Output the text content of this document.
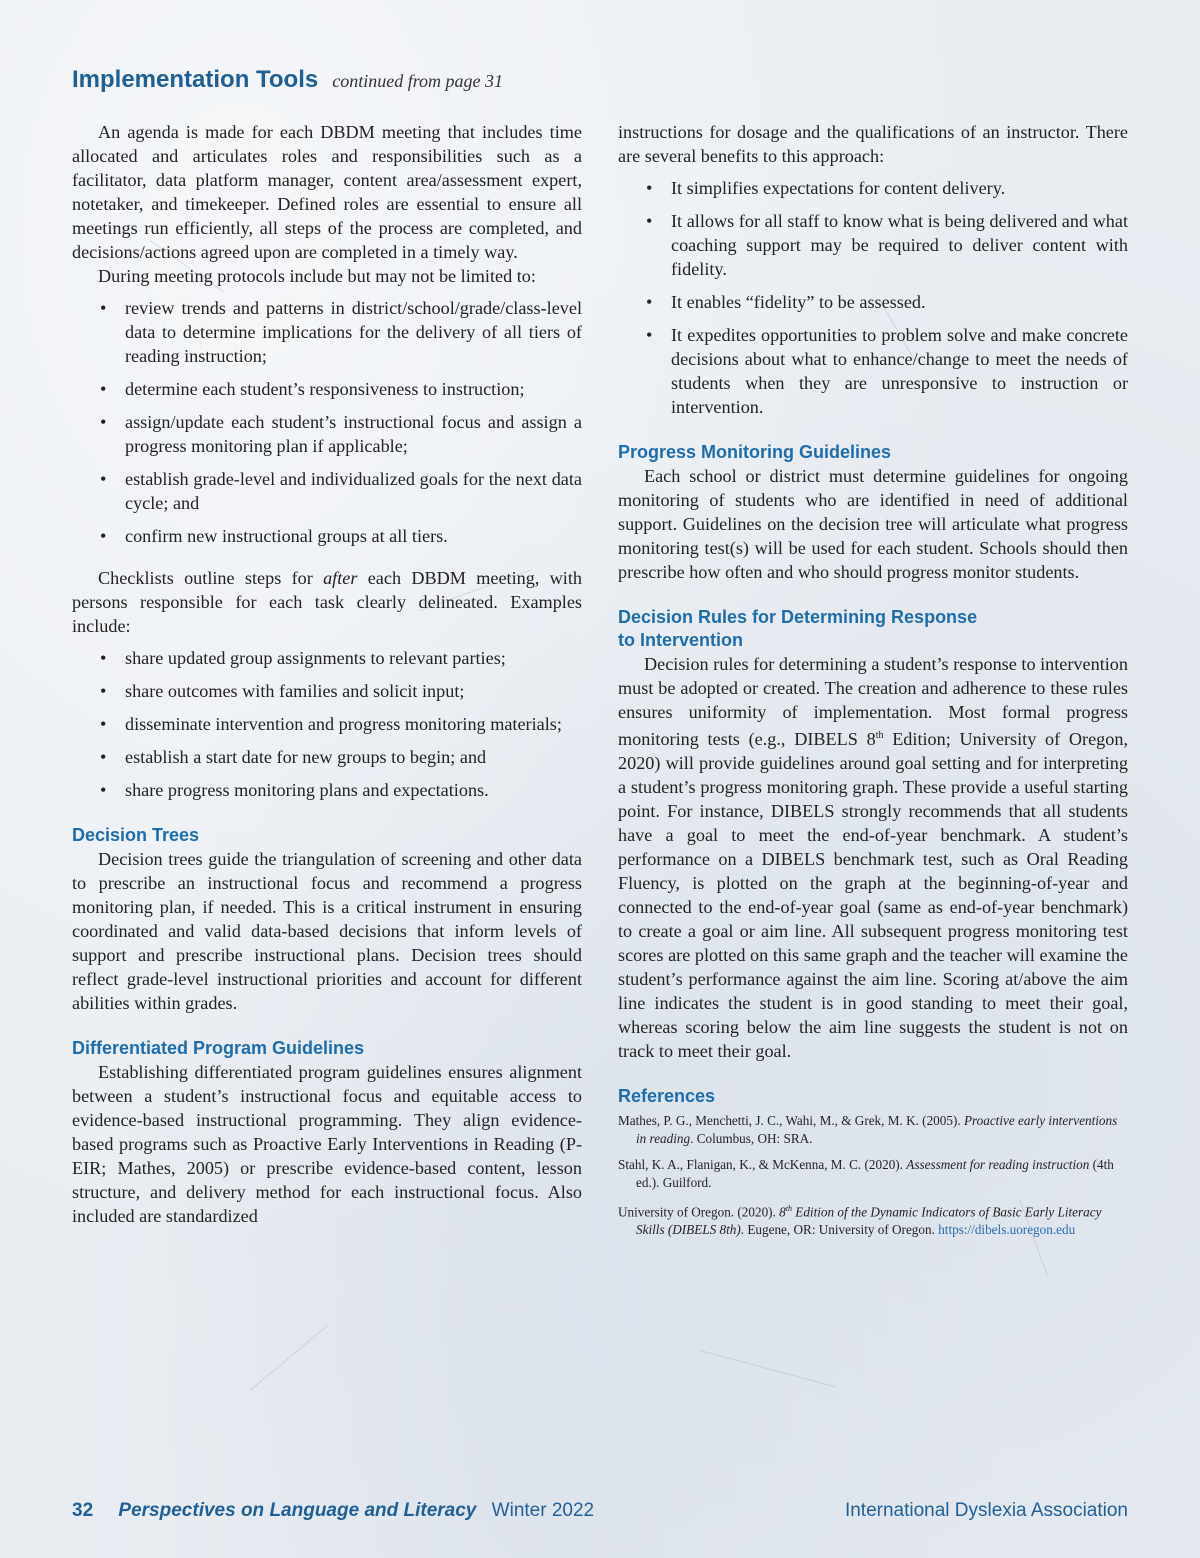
Implementation Tools continued from page 31

An agenda is made for each DBDM meeting that includes time allocated and articulates roles and responsibilities such as a facilitator, data platform manager, content area/assessment expert, notetaker, and timekeeper. Defined roles are essential to ensure all meetings run efficiently, all steps of the process are completed, and decisions/actions agreed upon are completed in a timely way.

During meeting protocols include but may not be limited to:

• review trends and patterns in district/school/grade/class-level data to determine implications for the delivery of all tiers of reading instruction;
• determine each student’s responsiveness to instruction;
• assign/update each student’s instructional focus and assign a progress monitoring plan if applicable;
• establish grade-level and individualized goals for the next data cycle; and
• confirm new instructional groups at all tiers.

Checklists outline steps for after each DBDM meeting, with persons responsible for each task clearly delineated. Examples include:

• share updated group assignments to relevant parties;
• share outcomes with families and solicit input;
• disseminate intervention and progress monitoring materials;
• establish a start date for new groups to begin; and
• share progress monitoring plans and expectations.
Decision Trees

Decision trees guide the triangulation of screening and other data to prescribe an instructional focus and recommend a progress monitoring plan, if needed. This is a critical instrument in ensuring coordinated and valid data-based decisions that inform levels of support and prescribe instructional plans. Decision trees should reflect grade-level instructional priorities and account for different abilities within grades.

Differentiated Program Guidelines

Establishing differentiated program guidelines ensures alignment between a student’s instructional focus and equitable access to evidence-based instructional programming. They align evidence-based programs such as Proactive Early Interventions in Reading (P-EIR; Mathes, 2005) or prescribe evidence-based content, lesson structure, and delivery method for each instructional focus. Also included are standardized

instructions for dosage and the qualifications of an instructor. There are several benefits to this approach:

• It simplifies expectations for content delivery.
• It allows for all staff to know what is being delivered and what coaching support may be required to deliver content with fidelity.
• It enables “fidelity” to be assessed.
• It expedites opportunities to problem solve and make concrete decisions about what to enhance/change to meet the needs of students when they are unresponsive to instruction or intervention.
Progress Monitoring Guidelines

Each school or district must determine guidelines for ongoing monitoring of students who are identified in need of additional support. Guidelines on the decision tree will articulate what progress monitoring test(s) will be used for each student. Schools should then prescribe how often and who should progress monitor students.

Decision Rules for Determining Response
to Intervention

Decision rules for determining a student’s response to intervention must be adopted or created. The creation and adherence to these rules ensures uniformity of implementation. Most formal progress monitoring tests (e.g., DIBELS 8th Edition; University of Oregon, 2020) will provide guidelines around goal setting and for interpreting a student’s progress monitoring graph. These provide a useful starting point. For instance, DIBELS strongly recommends that all students have a goal to meet the end-of-year benchmark. A student’s performance on a DIBELS benchmark test, such as Oral Reading Fluency, is plotted on the graph at the beginning-of-year and connected to the end-of-year goal (same as end-of-year benchmark) to create a goal or aim line. All subsequent progress monitoring test scores are plotted on this same graph and the teacher will examine the student’s performance against the aim line. Scoring at/above the aim line indicates the student is in good standing to meet their goal, whereas scoring below the aim line suggests the student is not on track to meet their goal.

References
Mathes, P. G., Menchetti, J. C., Wahi, M., & Grek, M. K. (2005). Proactive early interventions in reading. Columbus, OH: SRA.
Stahl, K. A., Flanigan, K., & McKenna, M. C. (2020). Assessment for reading instruction (4th ed.). Guilford.
University of Oregon. (2020). 8th Edition of the Dynamic Indicators of Basic Early Literacy Skills (DIBELS 8th). Eugene, OR: University of Oregon. https://dibels.uoregon.edu
32 Perspectives on Language and Literacy Winter 2022	International Dyslexia Association
